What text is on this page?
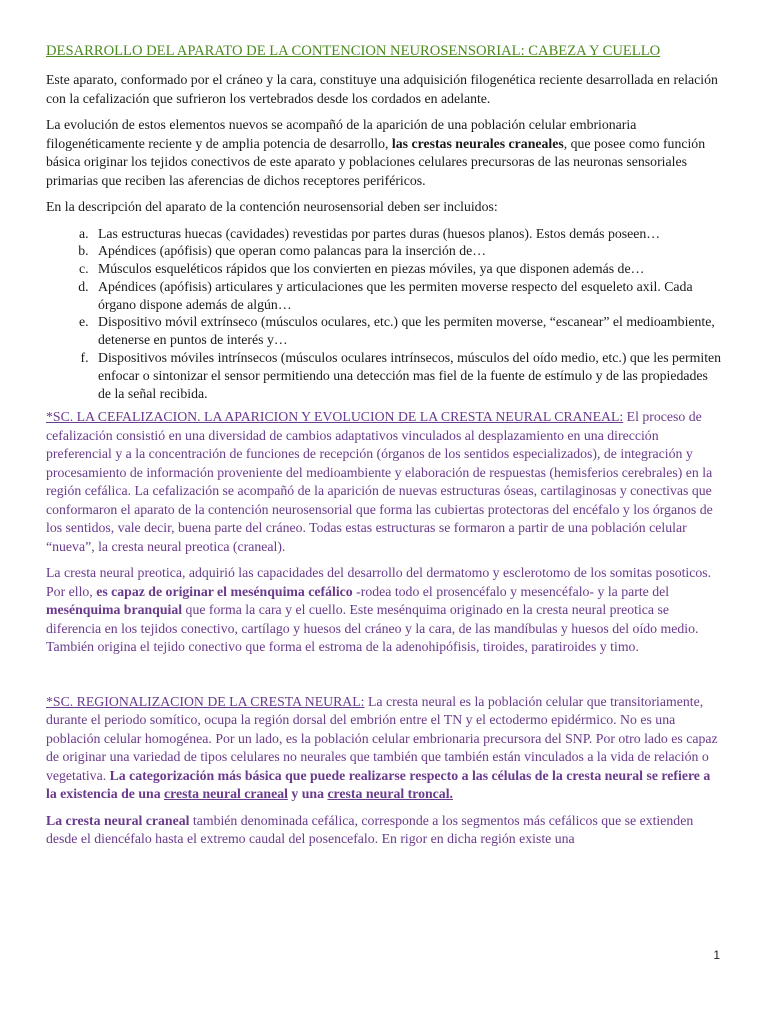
DESARROLLO DEL APARATO DE LA CONTENCION NEUROSENSORIAL: CABEZA Y CUELLO

Este aparato, conformado por el cráneo y la cara, constituye una adquisición filogenética reciente desarrollada en relación con la cefalización que sufrieron los vertebrados desde los cordados en adelante.

La evolución de estos elementos nuevos se acompañó de la aparición de una población celular embrionaria filogenéticamente reciente y de amplia potencia de desarrollo, las crestas neurales craneales, que posee como función básica originar los tejidos conectivos de este aparato y poblaciones celulares precursoras de las neuronas sensoriales primarias que reciben las aferencias de dichos receptores periféricos.

En la descripción del aparato de la contención neurosensorial deben ser incluidos:

a. Las estructuras huecas (cavidades) revestidas por partes duras (huesos planos). Estos demás poseen…
b. Apéndices (apófisis) que operan como palancas para la inserción de…
c. Músculos esqueléticos rápidos que los convierten en piezas móviles, ya que disponen además de…
d. Apéndices (apófisis) articulares y articulaciones que les permiten moverse respecto del esqueleto axil. Cada órgano dispone además de algún…
e. Dispositivo móvil extrínseco (músculos oculares, etc.) que les permiten moverse, “escanear” el medioambiente, detenerse en puntos de interés y…
f. Dispositivos móviles intrínsecos (músculos oculares intrínsecos, músculos del oído medio, etc.) que les permiten enfocar o sintonizar el sensor permitiendo una detección mas fiel de la fuente de estímulo y de las propiedades de la señal recibida.

*SC. LA CEFALIZACION. LA APARICION Y EVOLUCION DE LA CRESTA NEURAL CRANEAL: El proceso de cefalización consistió en una diversidad de cambios adaptativos vinculados al desplazamiento en una dirección preferencial y a la concentración de funciones de recepción (órganos de los sentidos especializados), de integración y procesamiento de información proveniente del medioambiente y elaboración de respuestas (hemisferios cerebrales) en la región cefálica. La cefalización se acompañó de la aparición de nuevas estructuras óseas, cartilaginosas y conectivas que conformaron el aparato de la contención neurosensorial que forma las cubiertas protectoras del encéfalo y los órganos de los sentidos, vale decir, buena parte del cráneo. Todas estas estructuras se formaron a partir de una población celular “nueva”, la cresta neural preotica (craneal).

La cresta neural preotica, adquirió las capacidades del desarrollo del dermatomo y esclerotomo de los somitas posoticos. Por ello, es capaz de originar el mesénquima cefálico -rodea todo el prosencéfalo y mesencéfalo- y la parte del mesénquima branquial que forma la cara y el cuello. Este mesénquima originado en la cresta neural preotica se diferencia en los tejidos conectivo, cartílago y huesos del cráneo y la cara, de las mandíbulas y huesos del oído medio. También origina el tejido conectivo que forma el estroma de la adenohipófisis, tiroides, paratiroides y timo.

*SC. REGIONALIZACION DE LA CRESTA NEURAL: La cresta neural es la población celular que transitoriamente, durante el periodo somítico, ocupa la región dorsal del embrión entre el TN y el ectodermo epidérmico. No es una población celular homogénea. Por un lado, es la población celular embrionaria precursora del SNP. Por otro lado es capaz de originar una variedad de tipos celulares no neurales que también que también están vinculados a la vida de relación o vegetativa. La categorización más básica que puede realizarse respecto a las células de la cresta neural se refiere a la existencia de una cresta neural craneal y una cresta neural troncal.

La cresta neural craneal también denominada cefálica, corresponde a los segmentos más cefálicos que se extienden desde el diencéfalo hasta el extremo caudal del posencefalo. En rigor en dicha región existe una

1
